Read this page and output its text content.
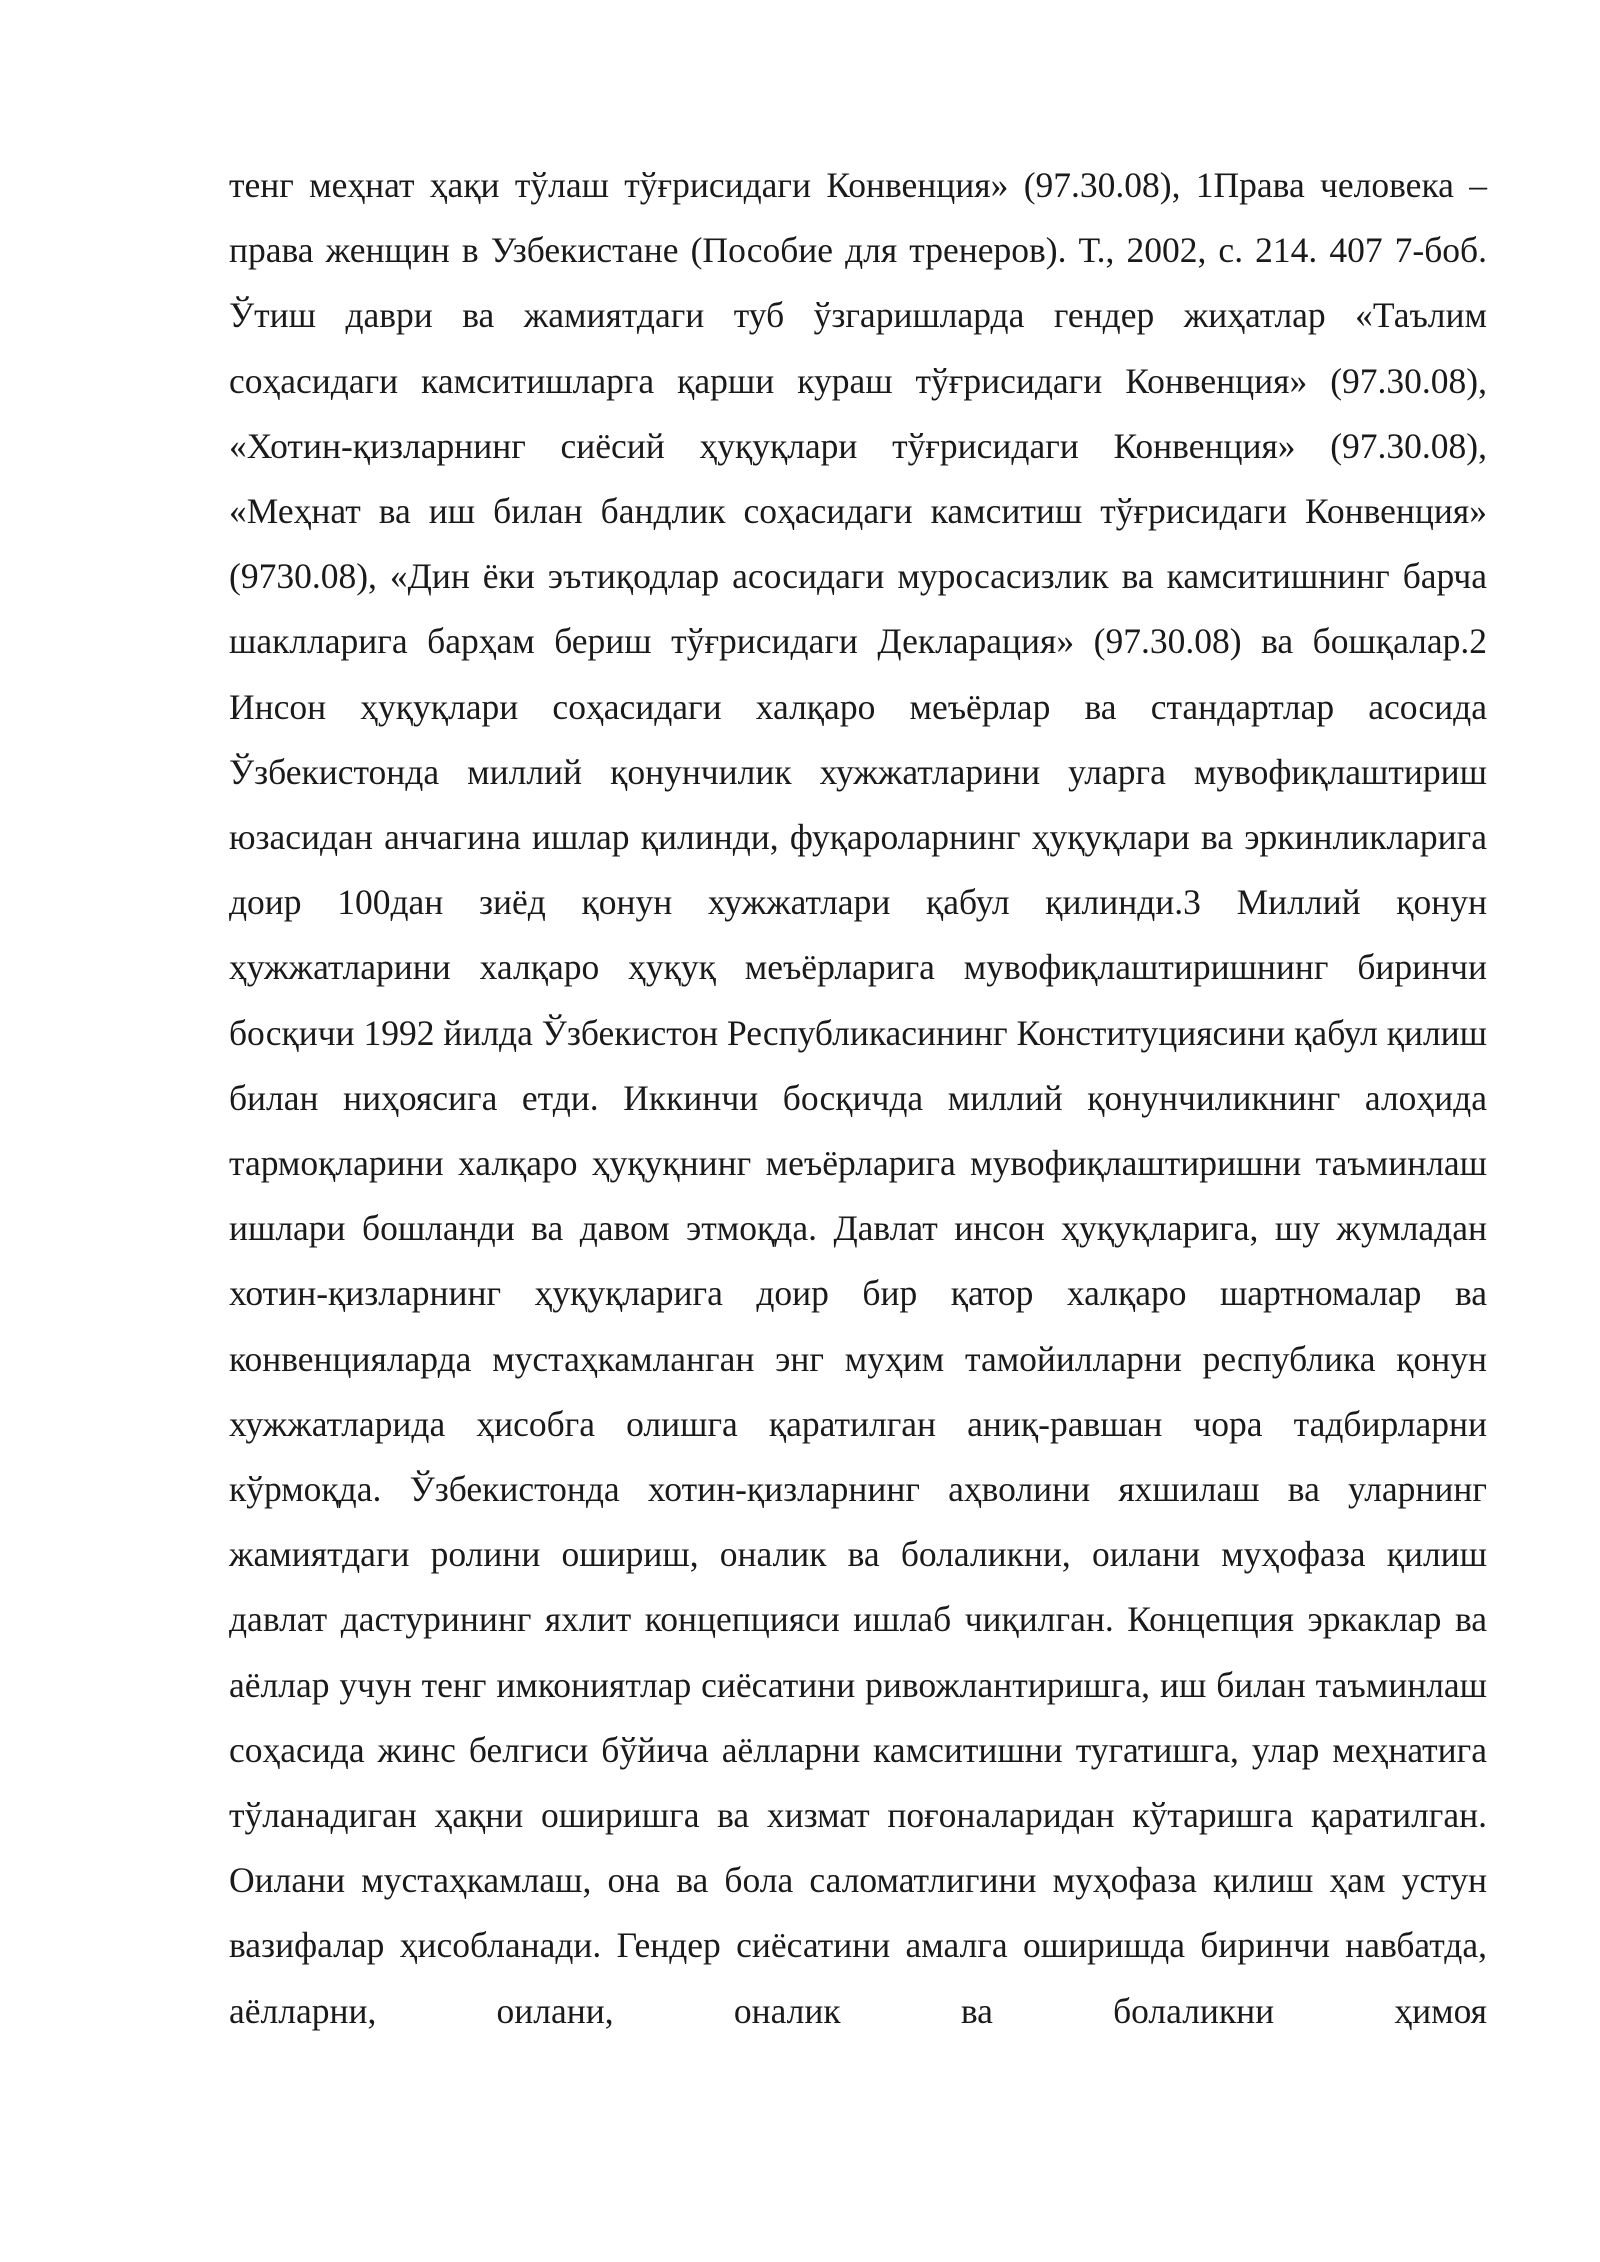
тенг меҳнат ҳақи тўлаш тўғрисидаги Конвенция» (97.30.08), 1Права человека – права женщин в Узбекистане (Пособие для тренеров). Т., 2002, с. 214. 407 7-боб. Ўтиш даври ва жамиятдаги туб ўзгаришларда гендер жиҳатлар «Таълим соҳасидаги камситишларга қарши кураш тўғрисидаги Конвенция» (97.30.08), «Хотин-қизларнинг сиёсий ҳуқуқлари тўғрисидаги Конвенция» (97.30.08), «Меҳнат ва иш билан бандлик соҳасидаги камситиш тўғрисидаги Конвенция» (9730.08), «Дин ёки эътиқодлар асосидаги муросасизлик ва камситишнинг барча шаклларига барҳам бериш тўғрисидаги Декларация» (97.30.08) ва бошқалар.2 Инсон ҳуқуқлари соҳасидаги халқаро меъёрлар ва стандартлар асосида Ўзбекистонда миллий қонунчилик хужжатларини уларга мувофиқлаштириш юзасидан анчагина ишлар қилинди, фуқароларнинг ҳуқуқлари ва эркинликларига доир 100дан зиёд қонун хужжатлари қабул қилинди.3 Миллий қонун ҳужжатларини халқаро ҳуқуқ меъёрларига мувофиқлаштиришнинг биринчи босқичи 1992 йилда Ўзбекистон Республикасининг Конституциясини қабул қилиш билан ниҳоясига етди. Иккинчи босқичда миллий қонунчиликнинг алоҳида тармоқларини халқаро ҳуқуқнинг меъёрларига мувофиқлаштиришни таъминлаш ишлари бошланди ва давом этмоқда. Давлат инсон ҳуқуқларига, шу жумладан хотин-қизларнинг ҳуқуқларига доир бир қатор халқаро шартномалар ва конвенцияларда мустаҳкамланган энг муҳим тамойилларни республика қонун хужжатларида ҳисобга олишга қаратилган аниқ-равшан чора тадбирларни кўрмоқда. Ўзбекистонда хотин-қизларнинг аҳволини яхшилаш ва уларнинг жамиятдаги ролини ошириш, оналик ва болаликни, оилани муҳофаза қилиш давлат дастурининг яхлит концепцияси ишлаб чиқилган. Концепция эркаклар ва аёллар учун тенг имкониятлар сиёсатини ривожлантиришга, иш билан таъминлаш соҳасида жинс белгиси бўйича аёлларни камситишни тугатишга, улар меҳнатига тўланадиган ҳақни оширишга ва хизмат поғоналаридан кўтаришга қаратилган. Оилани мустаҳкамлаш, она ва бола саломатлигини муҳофаза қилиш ҳам устун вазифалар ҳисобланади. Гендер сиёсатини амалга оширишда биринчи навбатда, аёлларни, оилани, оналик ва болаликни ҳимоя
